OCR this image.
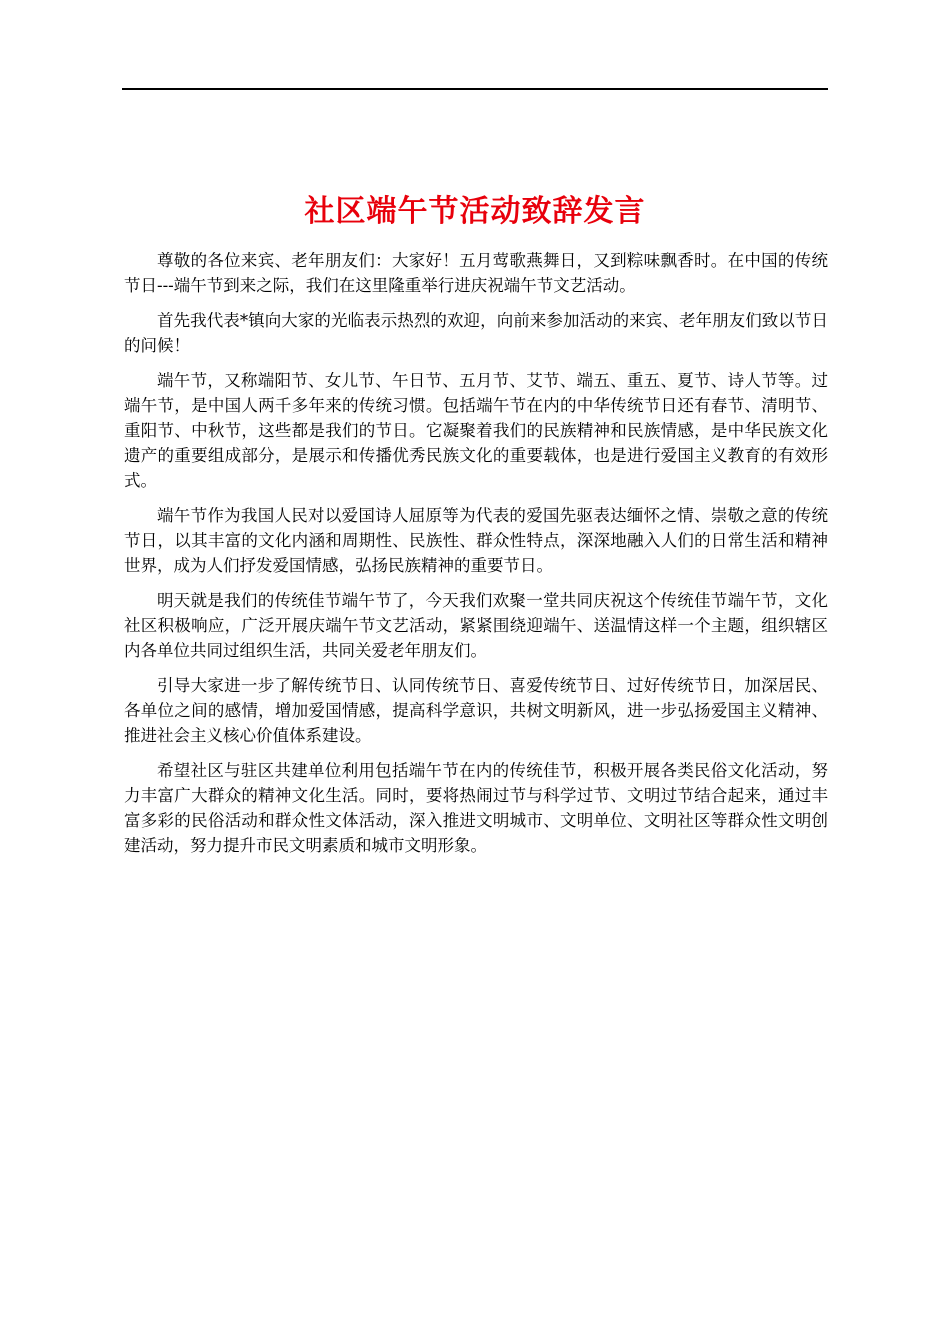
社区端午节活动致辞发言

尊敬的各位来宾、老年朋友们：大家好！五月莺歌燕舞日，又到粽味飘香时。在中国的传统节日---端午节到来之际，我们在这里隆重举行进庆祝端午节文艺活动。

首先我代表*镇向大家的光临表示热烈的欢迎，向前来参加活动的来宾、老年朋友们致以节日的问候！

端午节，又称端阳节、女儿节、午日节、五月节、艾节、端五、重五、夏节、诗人节等。过端午节，是中国人两千多年来的传统习惯。包括端午节在内的中华传统节日还有春节、清明节、重阳节、中秋节，这些都是我们的节日。它凝聚着我们的民族精神和民族情感，是中华民族文化遗产的重要组成部分，是展示和传播优秀民族文化的重要载体，也是进行爱国主义教育的有效形式。

端午节作为我国人民对以爱国诗人屈原等为代表的爱国先驱表达缅怀之情、崇敬之意的传统节日，以其丰富的文化内涵和周期性、民族性、群众性特点，深深地融入人们的日常生活和精神世界，成为人们抒发爱国情感，弘扬民族精神的重要节日。

明天就是我们的传统佳节端午节了，今天我们欢聚一堂共同庆祝这个传统佳节端午节，文化社区积极响应，广泛开展庆端午节文艺活动，紧紧围绕迎端午、送温情这样一个主题，组织辖区内各单位共同过组织生活，共同关爱老年朋友们。

引导大家进一步了解传统节日、认同传统节日、喜爱传统节日、过好传统节日，加深居民、各单位之间的感情，增加爱国情感，提高科学意识，共树文明新风，进一步弘扬爱国主义精神、推进社会主义核心价值体系建设。

希望社区与驻区共建单位利用包括端午节在内的传统佳节，积极开展各类民俗文化活动，努力丰富广大群众的精神文化生活。同时，要将热闹过节与科学过节、文明过节结合起来，通过丰富多彩的民俗活动和群众性文体活动，深入推进文明城市、文明单位、文明社区等群众性文明创建活动，努力提升市民文明素质和城市文明形象。
